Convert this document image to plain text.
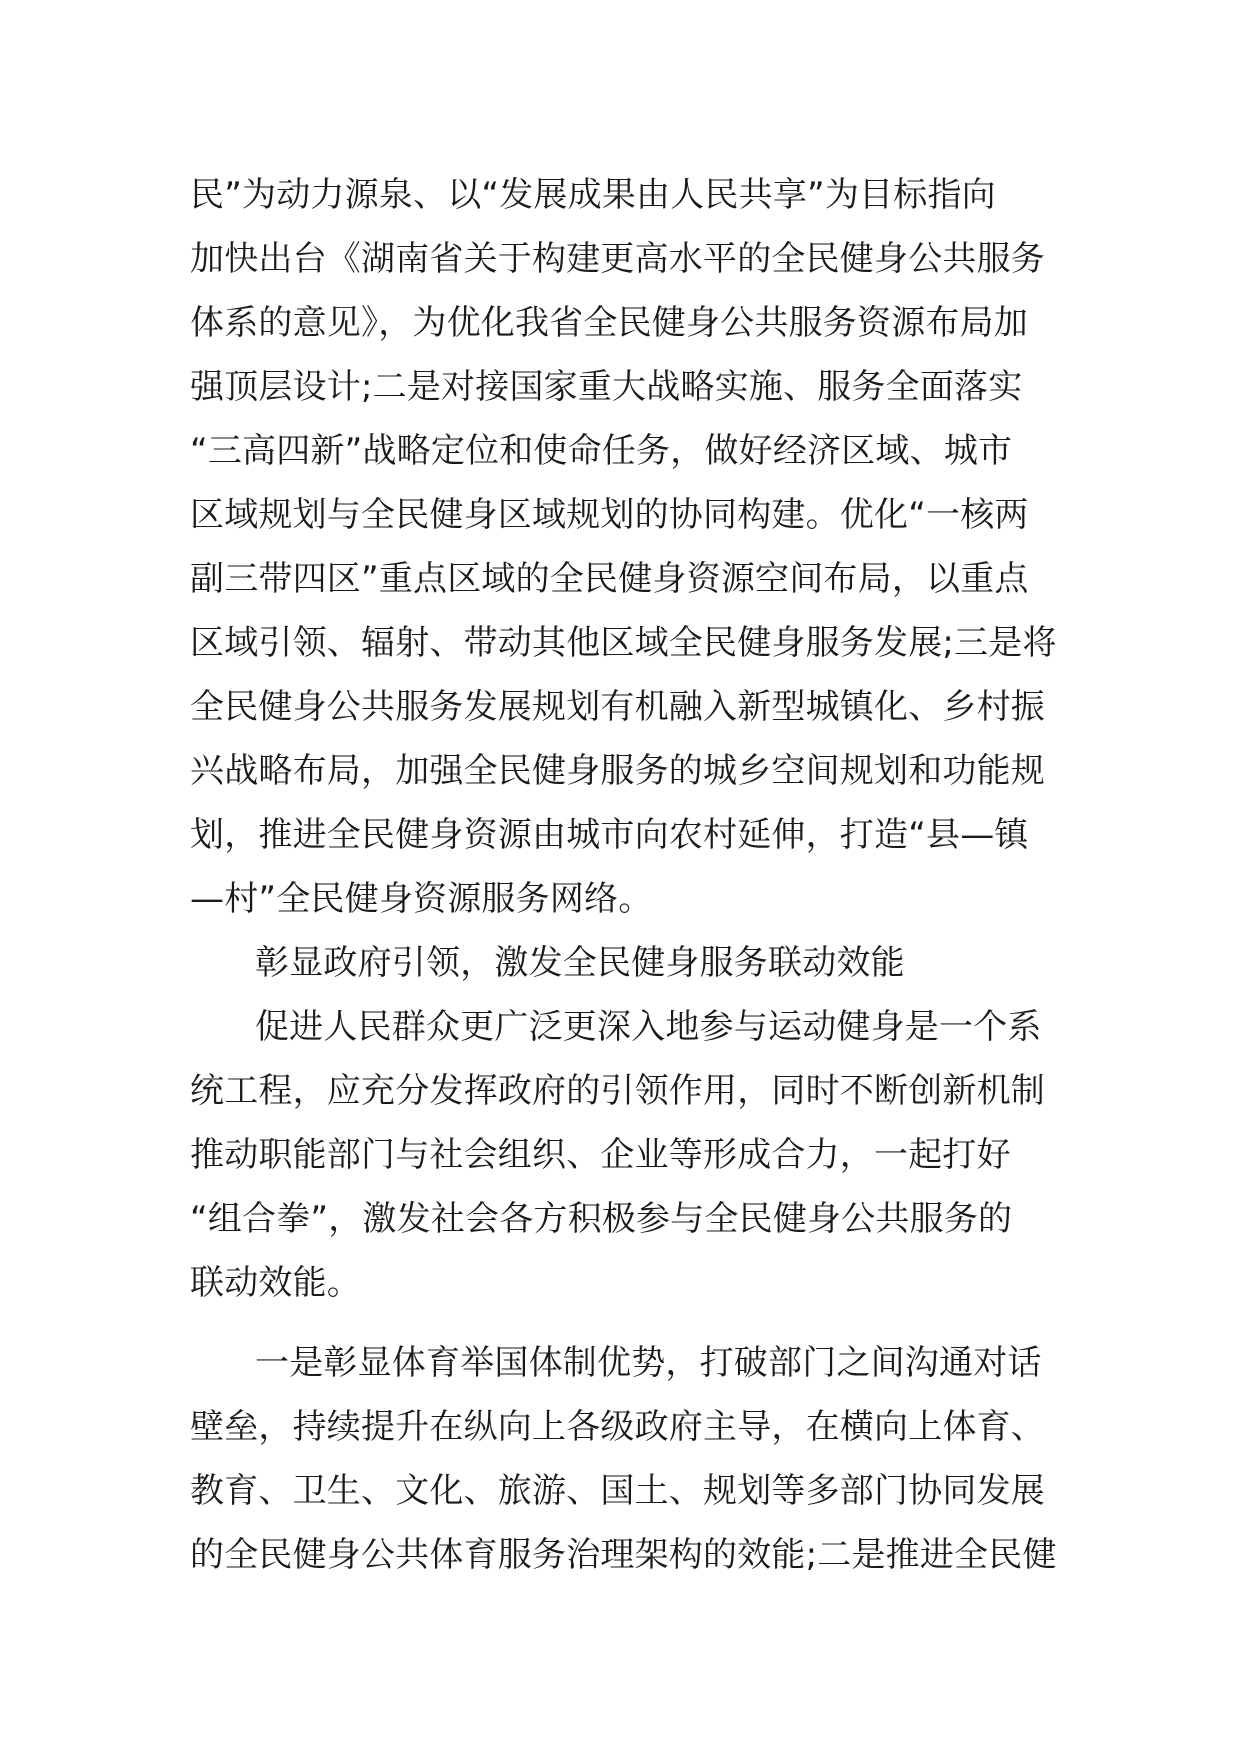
民”为动力源泉、以“发展成果由人民共享”为目标指向
加快出台《湖南省关于构建更高水平的全民健身公共服务
体系的意见》，为优化我省全民健身公共服务资源布局加
强顶层设计;二是对接国家重大战略实施、服务全面落实
“三高四新”战略定位和使命任务，做好经济区域、城市
区域规划与全民健身区域规划的协同构建。优化“一核两
副三带四区”重点区域的全民健身资源空间布局，以重点
区域引领、辐射、带动其他区域全民健身服务发展;三是将
全民健身公共服务发展规划有机融入新型城镇化、乡村振
兴战略布局，加强全民健身服务的城乡空间规划和功能规
划，推进全民健身资源由城市向农村延伸，打造“县—镇
—村”全民健身资源服务网络。
彰显政府引领，激发全民健身服务联动效能
促进人民群众更广泛更深入地参与运动健身是一个系
统工程，应充分发挥政府的引领作用，同时不断创新机制
推动职能部门与社会组织、企业等形成合力，一起打好
“组合拳”，激发社会各方积极参与全民健身公共服务的
联动效能。
一是彰显体育举国体制优势，打破部门之间沟通对话
壁垒，持续提升在纵向上各级政府主导，在横向上体育、
教育、卫生、文化、旅游、国土、规划等多部门协同发展
的全民健身公共体育服务治理架构的效能;二是推进全民健
